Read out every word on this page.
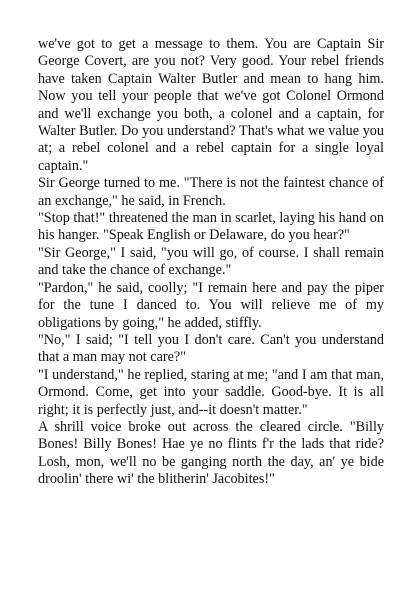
we've got to get a message to them. You are Captain Sir George Covert, are you not? Very good. Your rebel friends have taken Captain Walter Butler and mean to hang him. Now you tell your people that we've got Colonel Ormond and we'll exchange you both, a colonel and a captain, for Walter Butler. Do you understand? That's what we value you at; a rebel colonel and a rebel captain for a single loyal captain."

Sir George turned to me. "There is not the faintest chance of an exchange," he said, in French.

"Stop that!" threatened the man in scarlet, laying his hand on his hanger. "Speak English or Delaware, do you hear?"

"Sir George," I said, "you will go, of course. I shall remain and take the chance of exchange."

"Pardon," he said, coolly; "I remain here and pay the piper for the tune I danced to. You will relieve me of my obligations by going," he added, stiffly.

"No," I said; "I tell you I don't care. Can't you understand that a man may not care?"

"I understand," he replied, staring at me; "and I am that man, Ormond. Come, get into your saddle. Good-bye. It is all right; it is perfectly just, and--it doesn't matter."

A shrill voice broke out across the cleared circle. "Billy Bones! Billy Bones! Hae ye no flints f'r the lads that ride? Losh, mon, we'll no be ganging north the day, an' ye bide droolin' there wi' the blitherin' Jacobites!"
